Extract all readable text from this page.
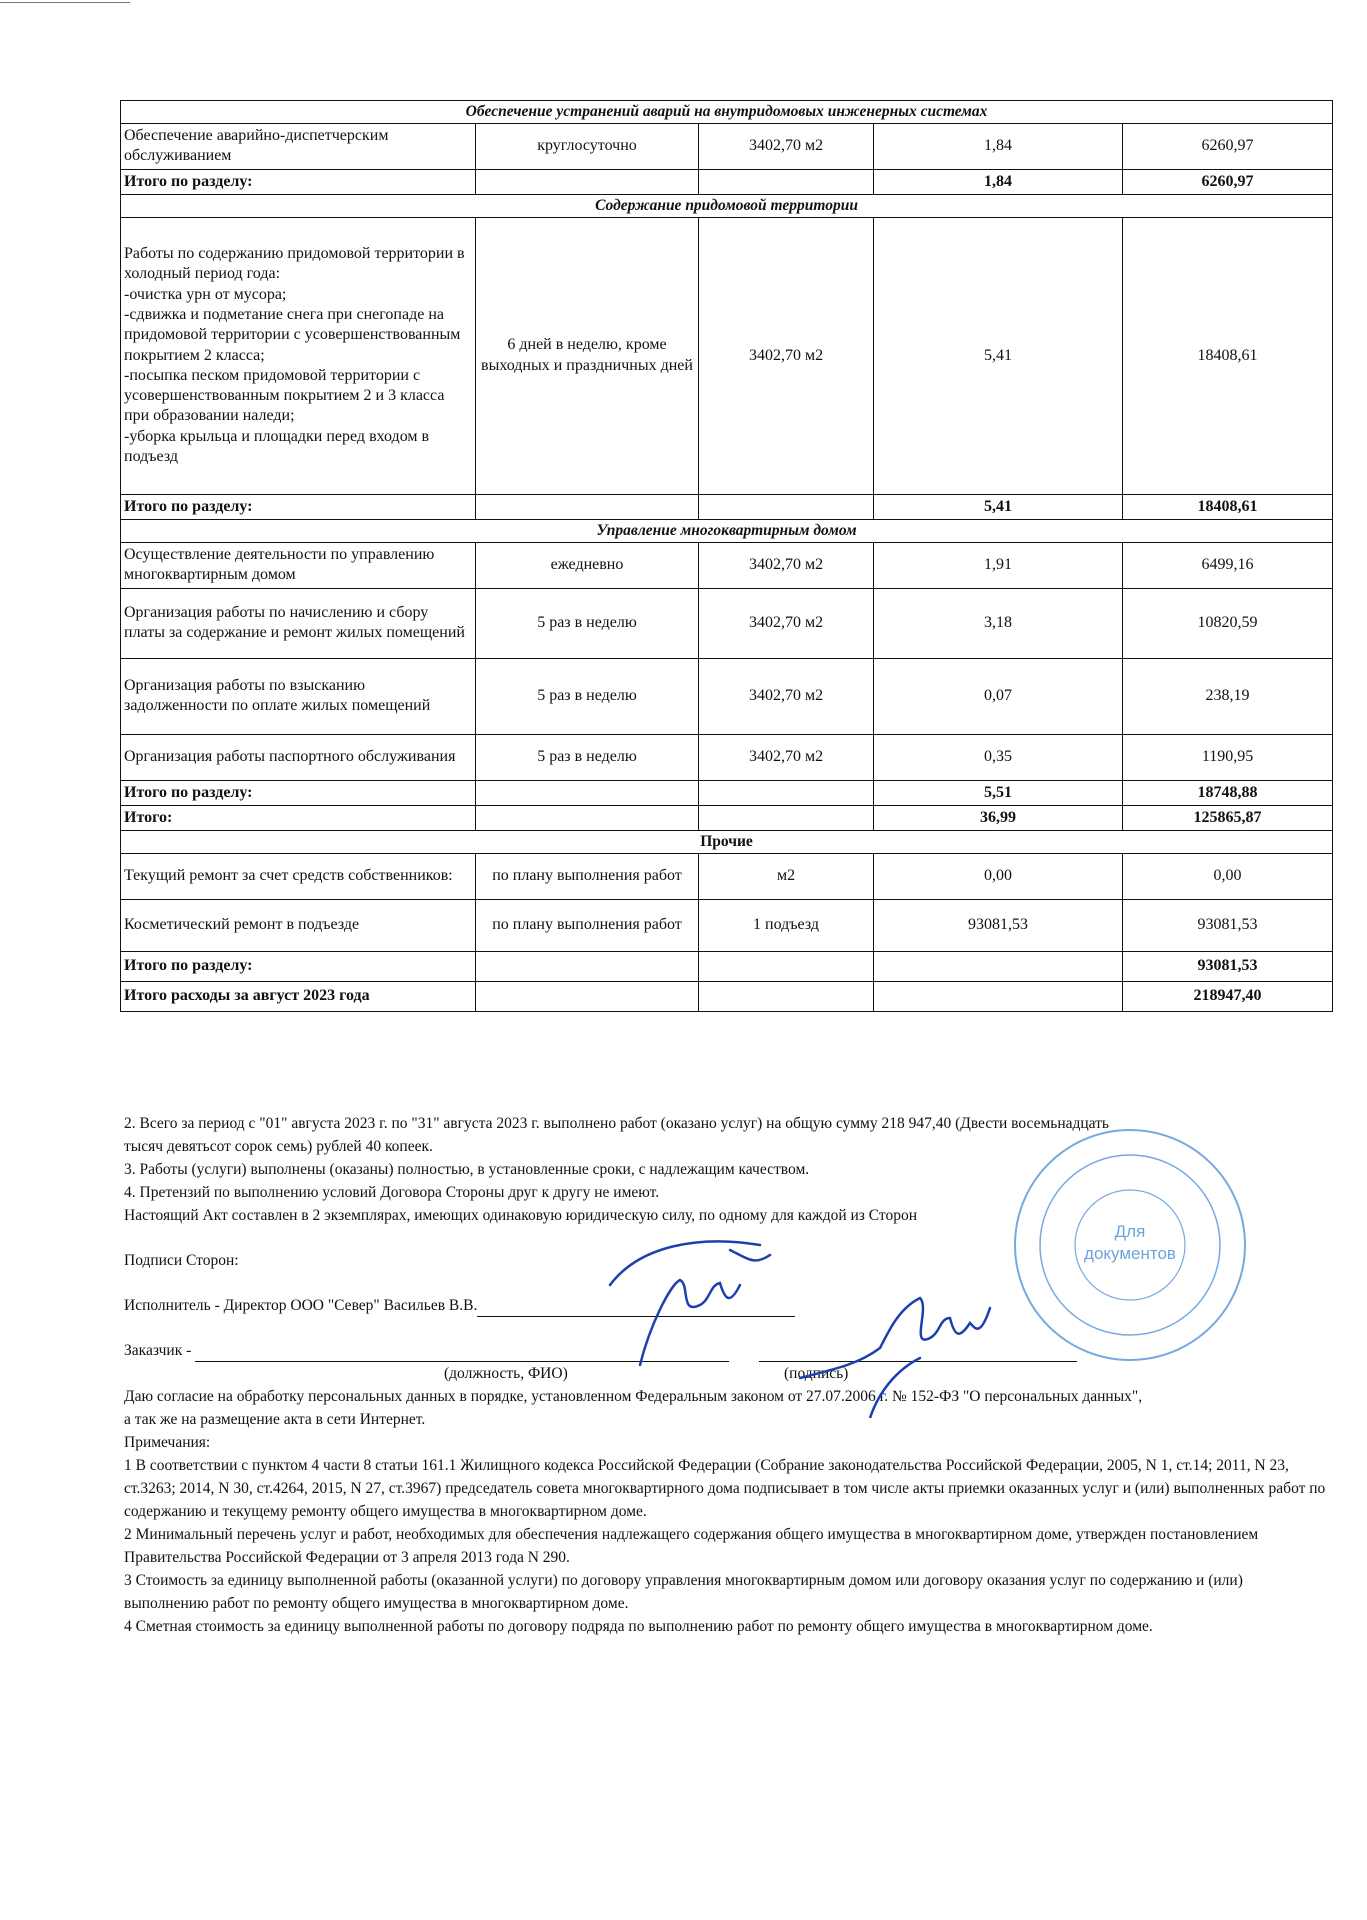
Обеспечение устранений аварий на внутридомовых инженерных системах				
Обеспечение аварийно-диспетчерским обслуживанием	круглосуточно	3402,70 м2	1,84	6260,97
Итого по разделу:			1,84	6260,97
Содержание придомовой территории				

Работы по содержанию придомовой территории в холодный период года:
-очистка урн от мусора;
-сдвижка и подметание снега при снегопаде на придомовой территории с усовершенствованным покрытием 2 класса;
-посыпка песком придомовой территории с усовершенствованным покрытием 2 и 3 класса при образовании наледи;
-уборка крыльца и площадки перед входом в подъезд	6 дней в неделю, кроме выходных и праздничных дней	3402,70 м2	5,41	18408,61
Итого по разделу:			5,41	18408,61
Управление многоквартирным домом				
Осуществление деятельности по управлению многоквартирным домом	ежедневно	3402,70 м2	1,91	6499,16
Организация работы по начислению и сбору платы за содержание и ремонт жилых помещений	5 раз в неделю	3402,70 м2	3,18	10820,59
Организация работы по взысканию задолженности по оплате жилых помещений	5 раз в неделю	3402,70 м2	0,07	238,19
Организация работы паспортного обслуживания	5 раз в неделю	3402,70 м2	0,35	1190,95
Итого по разделу:			5,51	18748,88
Итого:			36,99	125865,87
Прочие				
Текущий ремонт за счет средств собственников:	по плану выполнения работ	м2	0,00	0,00
Косметический ремонт в подъезде	по плану выполнения работ	1 подъезд	93081,53	93081,53
Итого по разделу:				93081,53
Итого расходы за август 2023 года				218947,40

2. Всего за период с "01" августа 2023 г. по "31" августа 2023 г. выполнено работ (оказано услуг) на общую сумму 218 947,40 (Двести восемьнадцать

тысяч девятьсот сорок семь) рублей 40 копеек.

3. Работы (услуги) выполнены (оказаны) полностью, в установленные сроки, с надлежащим качеством.

4. Претензий по выполнению условий Договора Стороны друг к другу не имеют.

Настоящий Акт составлен в 2 экземплярах, имеющих одинаковую юридическую силу, по одному для каждой из Сторон

Подписи Сторон:

Исполнитель - Директор ООО "Север" Васильев В.В.

Заказчик -

(должность, ФИО)	(подпись)

Даю согласие на обработку персональных данных в порядке, установленном Федеральным законом от 27.07.2006 г. № 152-ФЗ "О персональных данных",

а так же на размещение акта в сети Интернет.

Примечания:

1 В соответствии с пунктом 4 части 8 статьи 161.1 Жилищного кодекса Российской Федерации (Собрание законодательства Российской Федерации, 2005, N 1, ст.14; 2011, N 23, ст.3263; 2014, N 30, ст.4264, 2015, N 27, ст.3967) председатель совета многоквартирного дома подписывает в том числе акты приемки оказанных услуг и (или) выполненных работ по содержанию и текущему ремонту общего имущества в многоквартирном доме.

2 Минимальный перечень услуг и работ, необходимых для обеспечения надлежащего содержания общего имущества в многоквартирном доме, утвержден постановлением Правительства Российской Федерации от 3 апреля 2013 года N 290.

3 Стоимость за единицу выполненной работы (оказанной услуги) по договору управления многоквартирным домом или договору оказания услуг по содержанию и (или) выполнению работ по ремонту общего имущества в многоквартирном доме.

4 Сметная стоимость за единицу выполненной работы по договору подряда по выполнению работ по ремонту общего имущества в многоквартирном доме.

Для
документов
